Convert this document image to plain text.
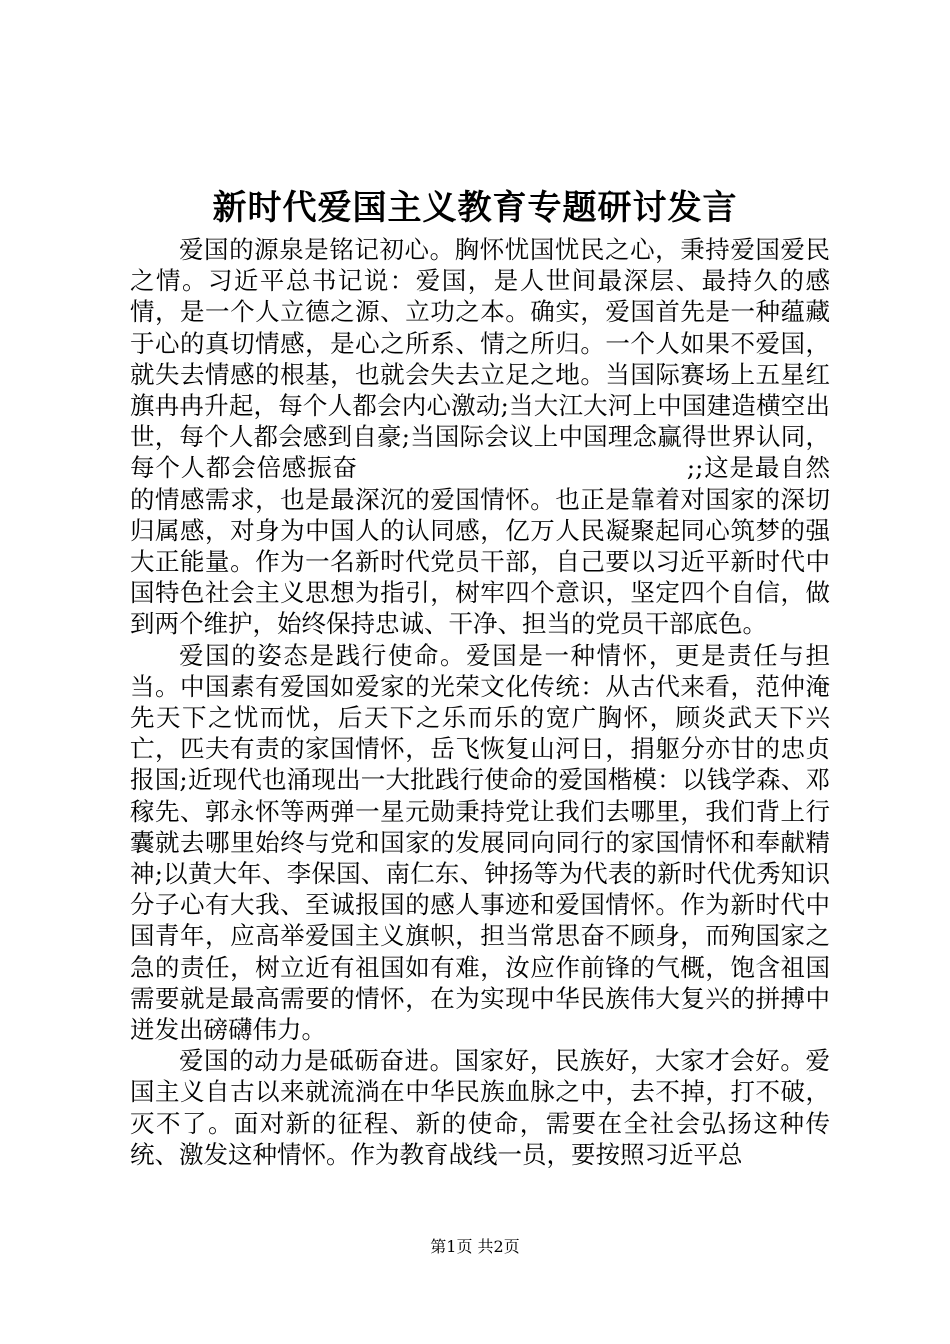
新时代爱国主义教育专题研讨发言

爱国的源泉是铭记初心。胸怀忧国忧民之心，秉持爱国爱民之情。习近平总书记说：爱国，是人世间最深层、最持久的感情，是一个人立德之源、立功之本。确实，爱国首先是一种蕴藏于心的真切情感，是心之所系、情之所归。一个人如果不爱国，就失去情感的根基，也就会失去立足之地。当国际赛场上五星红旗冉冉升起，每个人都会内心激动;当大江大河上中国建造横空出世，每个人都会感到自豪;当国际会议上中国理念赢得世界认同，每个人都会倍感振奋　　　　　　　　　　　　　;;这是最自然的情感需求，也是最深沉的爱国情怀。也正是靠着对国家的深切归属感，对身为中国人的认同感，亿万人民凝聚起同心筑梦的强大正能量。作为一名新时代党员干部，自己要以习近平新时代中国特色社会主义思想为指引，树牢四个意识，坚定四个自信，做到两个维护，始终保持忠诚、干净、担当的党员干部底色。

爱国的姿态是践行使命。爱国是一种情怀，更是责任与担当。中国素有爱国如爱家的光荣文化传统：从古代来看，范仲淹先天下之忧而忧，后天下之乐而乐的宽广胸怀，顾炎武天下兴亡，匹夫有责的家国情怀，岳飞恢复山河日，捐躯分亦甘的忠贞报国;近现代也涌现出一大批践行使命的爱国楷模：以钱学森、邓稼先、郭永怀等两弹一星元勋秉持党让我们去哪里，我们背上行囊就去哪里始终与党和国家的发展同向同行的家国情怀和奉献精神;以黄大年、李保国、南仁东、钟扬等为代表的新时代优秀知识分子心有大我、至诚报国的感人事迹和爱国情怀。作为新时代中国青年，应高举爱国主义旗帜，担当常思奋不顾身，而殉国家之急的责任，树立近有祖国如有难，汝应作前锋的气概，饱含祖国需要就是最高需要的情怀，在为实现中华民族伟大复兴的拼搏中迸发出磅礴伟力。

爱国的动力是砥砺奋进。国家好，民族好，大家才会好。爱国主义自古以来就流淌在中华民族血脉之中，去不掉，打不破，灭不了。面对新的征程、新的使命，需要在全社会弘扬这种传统、激发这种情怀。作为教育战线一员，要按照习近平总

第1页 共2页
